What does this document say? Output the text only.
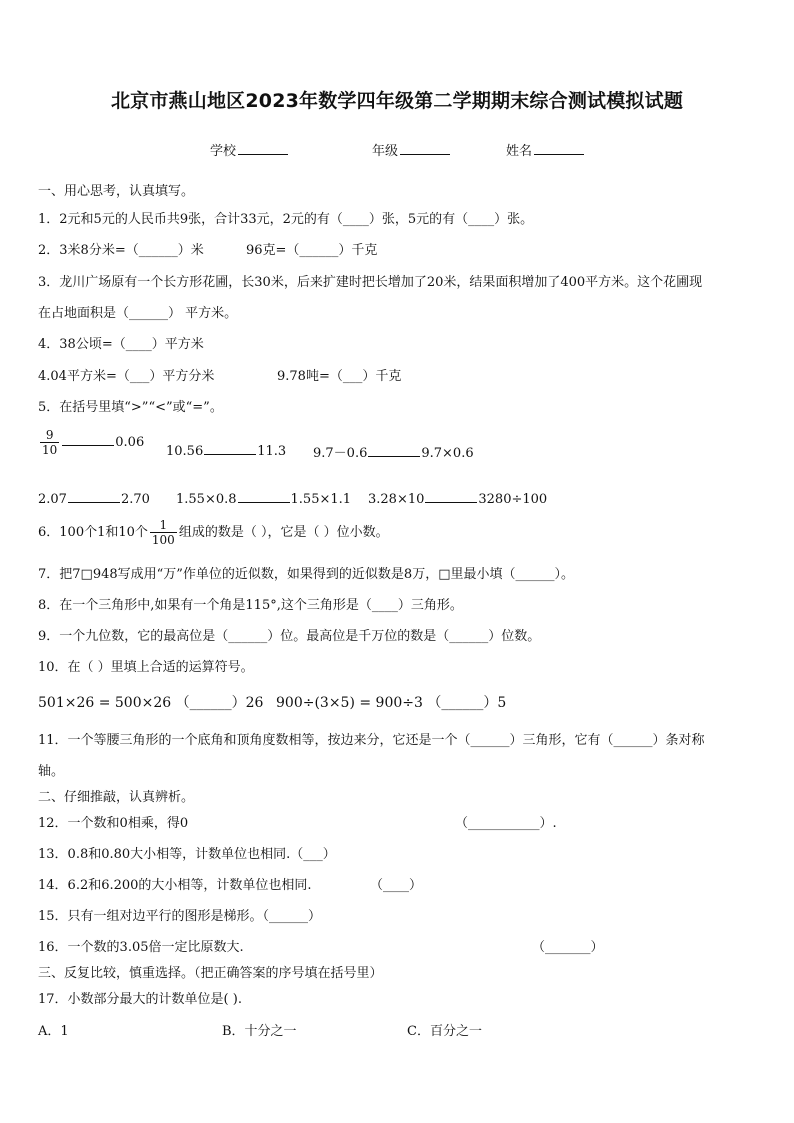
北京市燕山地区2023年数学四年级第二学期期末综合测试模拟试题
学校	年级	姓名
一、用心思考，认真填写。
1．2元和5元的人民币共9张，合计33元，2元的有（____）张，5元的有（____）张。
2．3米8分米=（______）米	96克=（______）千克
3．龙川广场原有一个长方形花圃，长30米，后来扩建时把长增加了20米，结果面积增加了400平方米。这个花圃现
在占地面积是（______） 平方米。
4．38公顷=（____）平方米
4.04平方米=（___）平方分米	9.78吨=（___）千克
5．在括号里填“>”“<”或“=”。
$\frac{9}{10}$	0.06
10.56	11.3 9.7－0.6	9.7×0.6
2.07	2.70 1.55×0.8	1.55×1.1 3.28×10	3280÷100
6．100个1和10个 $\frac{1}{100}$ 组成的数是（ ），它是（ ）位小数。
7．把7□948写成用“万”作单位的近似数，如果得到的近似数是8万，□里最小填（______）。
8．在一个三角形中,如果有一个角是115°,这个三角形是（____）三角形。
9．一个九位数，它的最高位是（______）位。最高位是千万位的数是（______）位数。
10．在（ ）里填上合适的运算符号。
501×26 = 500×26 （______）26 900÷(3×5) = 900÷3 （______）5
11．一个等腰三角形的一个底角和顶角度数相等，按边来分，它还是一个（______）三角形，它有（______）条对称
轴。
二、仔细推敲，认真辨析。
12．一个数和0相乘，得0	（___________）.
13．0.8和0.80大小相等，计数单位也相同.（___）
14．6.2和6.200的大小相等，计数单位也相同.	（____）
15．只有一组对边平行的图形是梯形。（______）
16．一个数的3.05倍一定比原数大.	（_______）
三、反复比较，慎重选择。（把正确答案的序号填在括号里）
17．小数部分最大的计数单位是( ).
A．1	B．十分之一	C．百分之一
